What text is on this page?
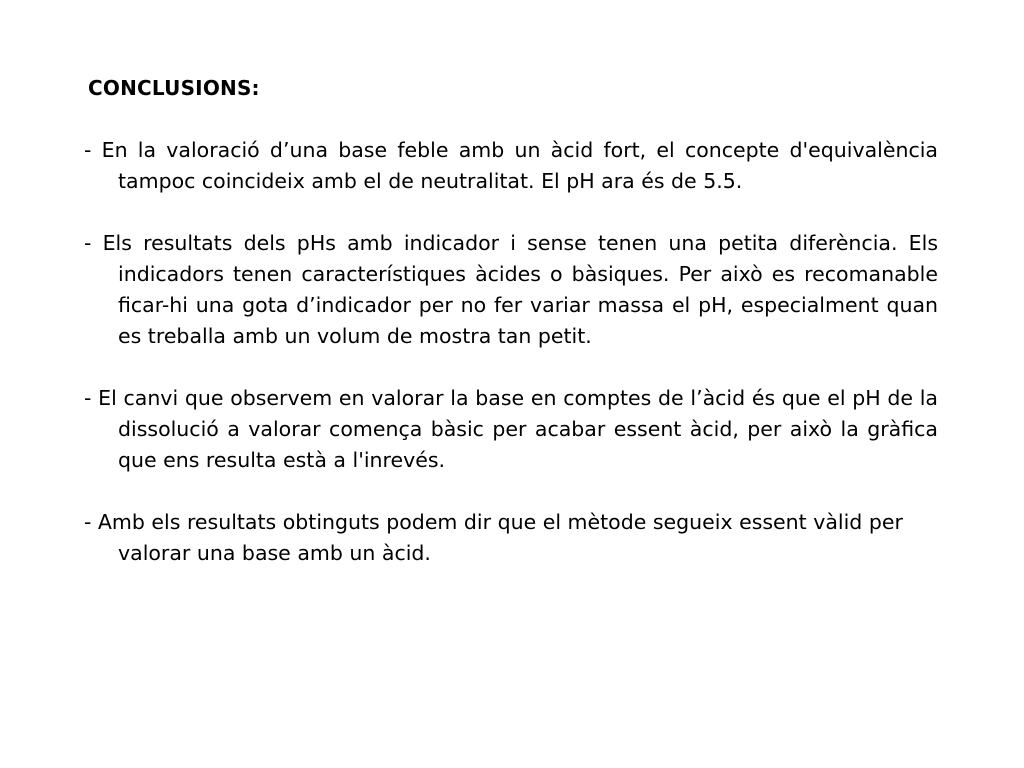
CONCLUSIONS:

- En la valoració d’una base feble amb un àcid fort, el concepte d'equivalència tampoc coincideix amb el de neutralitat. El pH ara és de 5.5.

- Els resultats dels pHs amb indicador i sense tenen una petita diferència. Els indicadors tenen característiques àcides o bàsiques. Per això es recomanable ficar-hi una gota d’indicador per no fer variar massa el pH, especialment quan es treballa amb un volum de mostra tan petit.

- El canvi que observem en valorar la base en comptes de l’àcid és que el pH de la dissolució a valorar comença bàsic per acabar essent àcid, per això la gràfica que ens resulta està a l'inrevés.

- Amb els resultats obtinguts podem dir que el mètode segueix essent vàlid per valorar una base amb un àcid.
